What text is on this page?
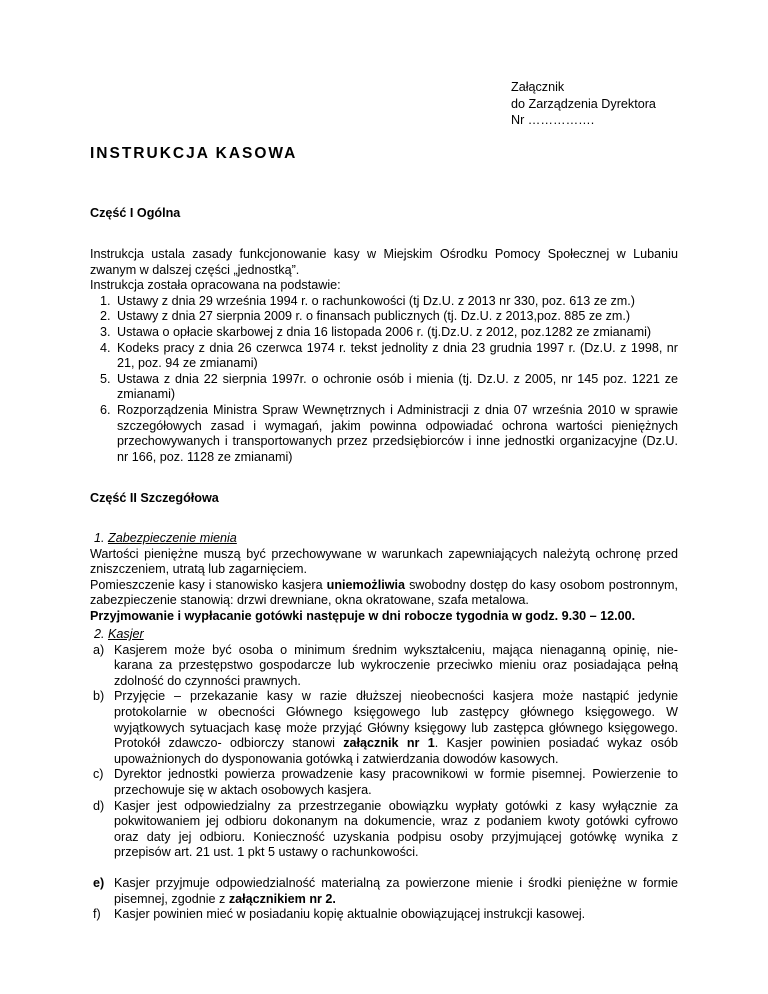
Załącznik
do Zarządzenia Dyrektora
Nr …………….
INSTRUKCJA KASOWA
Część I Ogólna
Instrukcja ustala zasady funkcjonowanie kasy w Miejskim Ośrodku Pomocy Społecznej w Lubaniu zwanym w dalszej części „jednostką”.
Instrukcja została opracowana na podstawie:
1. Ustawy z dnia 29 września 1994 r. o rachunkowości (tj Dz.U. z 2013 nr 330, poz. 613 ze zm.)
2. Ustawy z dnia 27 sierpnia 2009 r. o finansach publicznych (tj. Dz.U. z 2013,poz. 885 ze zm.)
3. Ustawa o opłacie skarbowej z dnia 16 listopada 2006 r. (tj.Dz.U. z 2012, poz.1282 ze zmianami)
4. Kodeks pracy z dnia 26 czerwca 1974 r. tekst jednolity z dnia 23 grudnia 1997 r. (Dz.U. z 1998, nr 21, poz. 94 ze zmianami)
5. Ustawa z dnia 22 sierpnia 1997r. o ochronie osób i mienia (tj. Dz.U. z 2005, nr 145 poz. 1221 ze zmianami)
6. Rozporządzenia Ministra Spraw Wewnętrznych i Administracji z dnia 07 września 2010 w sprawie szczegółowych zasad i wymagań, jakim powinna odpowiadać ochrona wartości pieniężnych przechowywanych i transportowanych przez przedsiębiorców i inne jednostki organizacyjne (Dz.U. nr 166, poz. 1128 ze zmianami)
Część II Szczegółowa
1. Zabezpieczenie mienia
Wartości pieniężne muszą być przechowywane w warunkach zapewniających należytą ochronę przed zniszczeniem, utratą lub zagarnięciem.
Pomieszczenie kasy i stanowisko kasjera uniemożliwia swobodny dostęp do kasy osobom postronnym, zabezpieczenie stanowią: drzwi drewniane, okna okratowane, szafa metalowa.
Przyjmowanie i wypłacanie gotówki następuje w dni robocze tygodnia w godz. 9.30 – 12.00.
2. Kasjer
a) Kasjerem może być osoba o minimum średnim wykształceniu, mająca nienaganną opinię, nie- karana za przestępstwo gospodarcze lub wykroczenie przeciwko mieniu oraz posiadająca pełną zdolność do czynności prawnych.
b) Przyjęcie – przekazanie kasy w razie dłuższej nieobecności kasjera może nastąpić jedynie protokolarnie w obecności Głównego księgowego lub zastępcy głównego księgowego. W wyjątkowych sytuacjach kasę może przyjąć Główny księgowy lub zastępca głównego księgowego. Protokół zdawczo- odbiorczy stanowi załącznik nr 1. Kasjer powinien posiadać wykaz osób upoważnionych do dysponowania gotówką i zatwierdzania dowodów kasowych.
c) Dyrektor jednostki powierza prowadzenie kasy pracownikowi w formie pisemnej. Powierzenie to przechowuje się w aktach osobowych kasjera.
d) Kasjer jest odpowiedzialny za przestrzeganie obowiązku wypłaty gotówki z kasy wyłącznie za pokwitowaniem jej odbioru dokonanym na dokumencie, wraz z podaniem kwoty gotówki cyfrowo oraz daty jej odbioru. Konieczność uzyskania podpisu osoby przyjmującej gotówkę wynika z przepisów art. 21 ust. 1 pkt 5 ustawy o rachunkowości.
e) Kasjer przyjmuje odpowiedzialność materialną za powierzone mienie i środki pieniężne w formie pisemnej, zgodnie z załącznikiem nr 2.
f) Kasjer powinien mieć w posiadaniu kopię aktualnie obowiązującej instrukcji kasowej.
